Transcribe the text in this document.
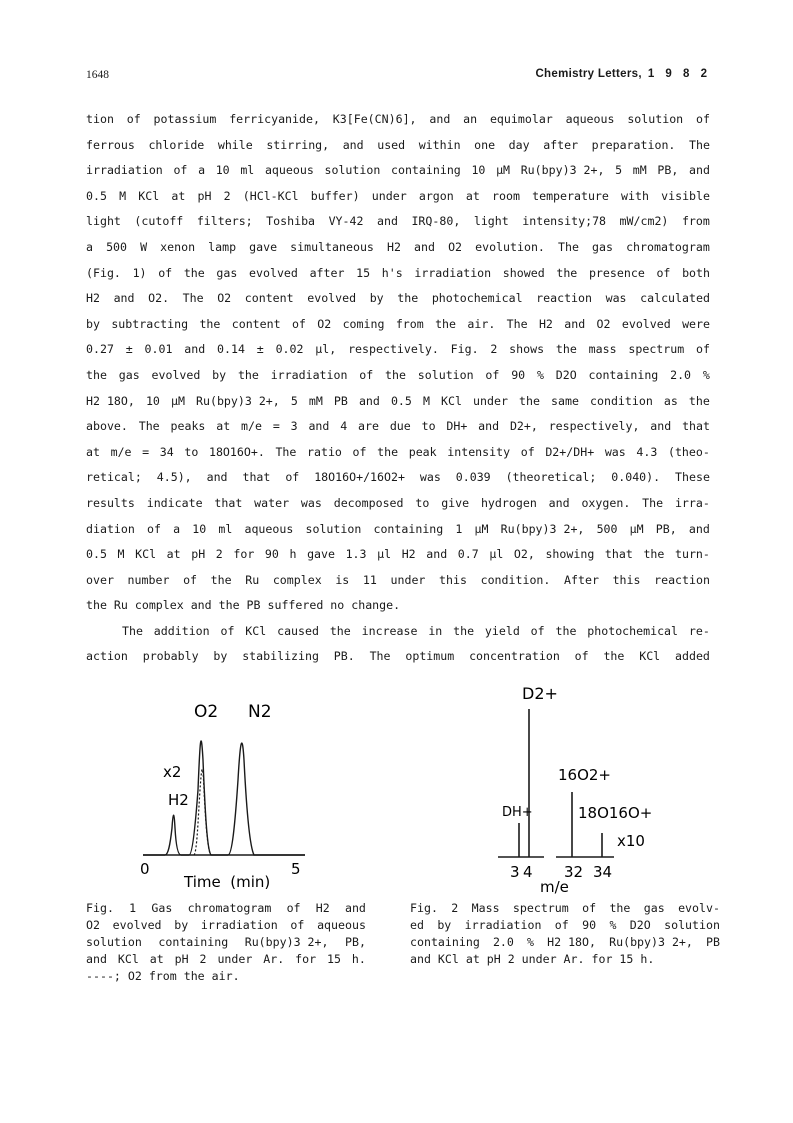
1648	Chemistry Letters, 1 9 8 2
tion of potassium ferricyanide, K3[Fe(CN)6], and an equimolar aqueous solution of
ferrous chloride while stirring, and used within one day after preparation. The
irradiation of a 10 ml aqueous solution containing 10 μM Ru(bpy)3 2+, 5 mM PB, and
0.5 M KCl at pH 2 (HCl-KCl buffer) under argon at room temperature with visible
light (cutoff filters; Toshiba VY-42 and IRQ-80, light intensity;78 mW/cm2) from
a 500 W xenon lamp gave simultaneous H2 and O2 evolution. The gas chromatogram
(Fig. 1) of the gas evolved after 15 h's irradiation showed the presence of both
H2 and O2. The O2 content evolved by the photochemical reaction was calculated
by subtracting the content of O2 coming from the air. The H2 and O2 evolved were
0.27 ± 0.01 and 0.14 ± 0.02 μl, respectively. Fig. 2 shows the mass spectrum of
the gas evolved by the irradiation of the solution of 90 % D2O containing 2.0 %
H2 18O, 10 μM Ru(bpy)3 2+, 5 mM PB and 0.5 M KCl under the same condition as the
above. The peaks at m/e = 3 and 4 are due to DH+ and D2+, respectively, and that
at m/e = 34 to 18O16O+. The ratio of the peak intensity of D2+/DH+ was 4.3 (theo-
retical; 4.5), and that of 18O16O+/16O2+ was 0.039 (theoretical; 0.040). These
results indicate that water was decomposed to give hydrogen and oxygen. The irra-
diation of a 10 ml aqueous solution containing 1 μM Ru(bpy)3 2+, 500 μM PB, and
0.5 M KCl at pH 2 for 90 h gave 1.3 μl H2 and 0.7 μl O2, showing that the turn-
over number of the Ru complex is 11 under this condition. After this reaction
the Ru complex and the PB suffered no change.
The addition of KCl caused the increase in the yield of the photochemical re-
action probably by stabilizing PB. The optimum concentration of the KCl added
O2 N2
x2
H2
0	5
Time  (min)
D2+
DH+
16O2+
18O16O+
x10
3 4 32 34
m/e
Fig. 1 Gas chromatogram of H2 and
O2 evolved by irradiation of aqueous
solution containing Ru(bpy)3 2+, PB,
and KCl at pH 2 under Ar. for 15 h.
----; O2 from the air.
Fig. 2 Mass spectrum of the gas evolv-
ed by irradiation of 90 % D2O solution
containing 2.0 % H2 18O, Ru(bpy)3 2+, PB
and KCl at pH 2 under Ar. for 15 h.
